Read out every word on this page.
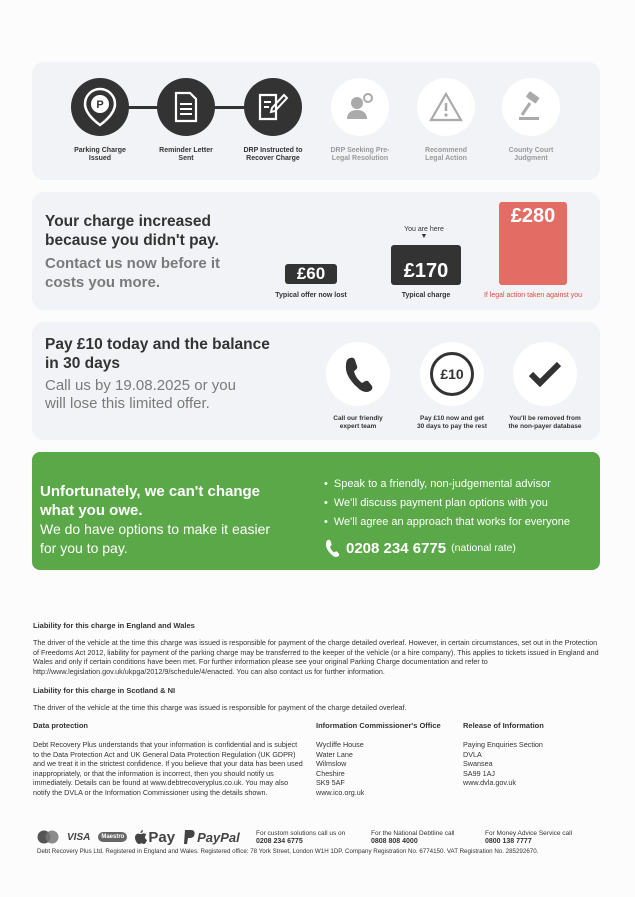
P
Parking Charge
Issued
Reminder Letter
Sent
DRP Instructed to
Recover Charge
DRP Seeking Pre-
Legal Resolution
Recommend
Legal Action
County Court
Judgment
Your charge increased because you didn't pay.
Contact us now before it costs you more.	£60
Typical offer now lost
You are here
▼
£170
Typical charge
£280
If legal action taken against you
Pay £10 today and the balance in 30 days
Call us by 19.08.2025 or you will lose this limited offer.
Call our friendly
expert team
£10
Pay £10 now and get
30 days to pay the rest
You'll be removed from
the non-payer database
Unfortunately, we can't change what you owe.
We do have options to make it easier for you to pay.
• Speak to a friendly, non-judgemental advisor
• We'll discuss payment plan options with you
• We'll agree an approach that works for everyone
0208 234 6775 (national rate)
Liability for this charge in England and Wales
The driver of the vehicle at the time this charge was issued is responsible for payment of the charge detailed overleaf. However, in certain circumstances, set out in the Protection of Freedoms Act 2012, liability for payment of the parking charge may be transferred to the keeper of the vehicle (or a hire company). This applies to tickets issued in England and Wales and only if certain conditions have been met. For further information please see your original Parking Charge documentation and refer to http://www.legislation.gov.uk/ukpga/2012/9/schedule/4/enacted. You can also contact us for further information.
Liability for this charge in Scotland & NI
The driver of the vehicle at the time this charge was issued is responsible for payment of the charge detailed overleaf.
Data protection
Debt Recovery Plus understands that your information is confidential and is subject to the Data Protection Act and UK General Data Protection Regulation (UK GDPR) and we treat it in the strictest confidence. If you believe that your data has been used inappropriately, or that the information is incorrect, then you should notify us immediately. Details can be found at www.debtrecoveryplus.co.uk. You may also notify the DVLA or the Information Commissioner using the details shown.
Information Commissioner's Office
Wycliffe House
Water Lane
Wilmslow
Cheshire
SK9 5AF
www.ico.org.uk
Release of Information
Paying Enquiries Section
DVLA
Swansea
SA99 1AJ
www.dvla.gov.uk
VISA	Maestro Pay PayPal	For custom solutions call us on
0208 234 6775
For the National Debtline call
0808 808 4000
For Money Advice Service call
0800 138 7777
Debt Recovery Plus Ltd. Registered in England and Wales. Registered office: 78 York Street, London W1H 1DP. Company Registration No. 6774150. VAT Registration No. 285292670.
